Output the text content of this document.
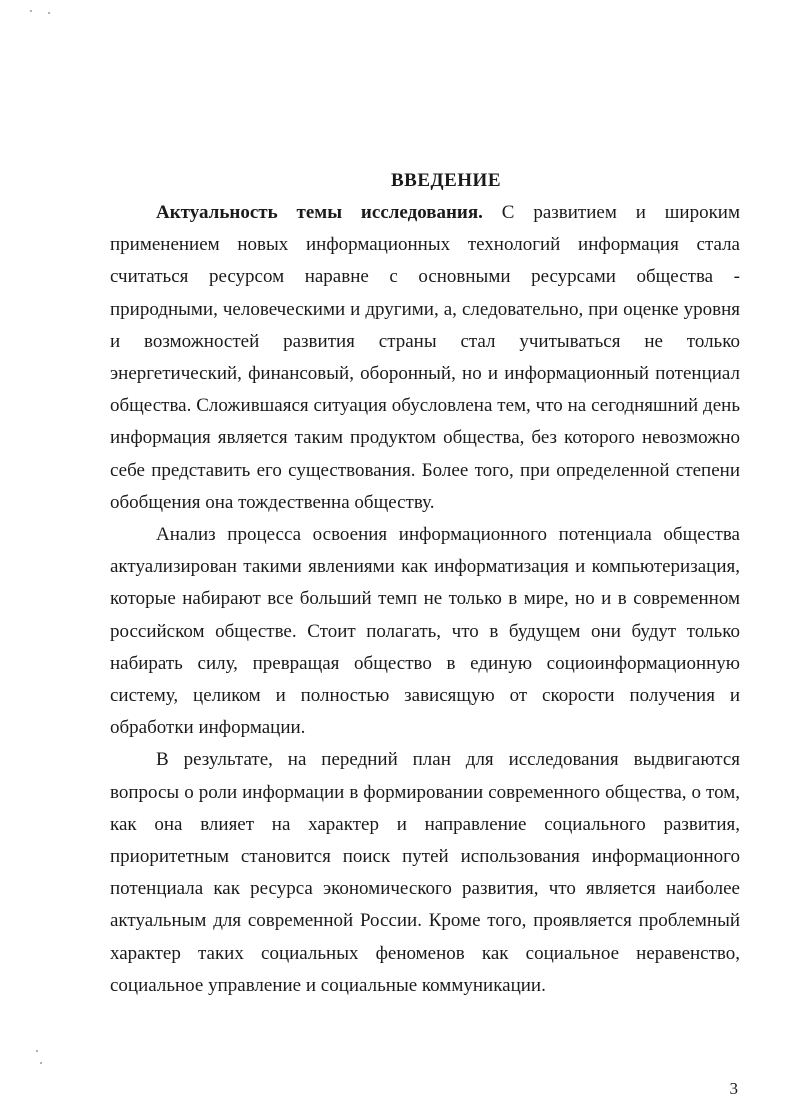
ВВЕДЕНИЕ

Актуальность темы исследования. С развитием и широким применением новых информационных технологий информация стала считаться ресурсом наравне с основными ресурсами общества - природными, человеческими и другими, а, следовательно, при оценке уровня и возможностей развития страны стал учитываться не только энергетический, финансовый, оборонный, но и информационный потенциал общества. Сложившаяся ситуация обусловлена тем, что на сегодняшний день информация является таким продуктом общества, без которого невозможно себе представить его существования. Более того, при определенной степени обобщения она тождественна обществу.

Анализ процесса освоения информационного потенциала общества актуализирован такими явлениями как информатизация и компьютеризация, которые набирают все больший темп не только в мире, но и в современном российском обществе. Стоит полагать, что в будущем они будут только набирать силу, превращая общество в единую социоинформационную систему, целиком и полностью зависящую от скорости получения и обработки информации.

В результате, на передний план для исследования выдвигаются вопросы о роли информации в формировании современного общества, о том, как она влияет на характер и направление социального развития, приоритетным становится поиск путей использования информационного потенциала как ресурса экономического развития, что является наиболее актуальным для современной России. Кроме того, проявляется проблемный характер таких социальных феноменов как социальное неравенство, социальное управление и социальные коммуникации.

3
